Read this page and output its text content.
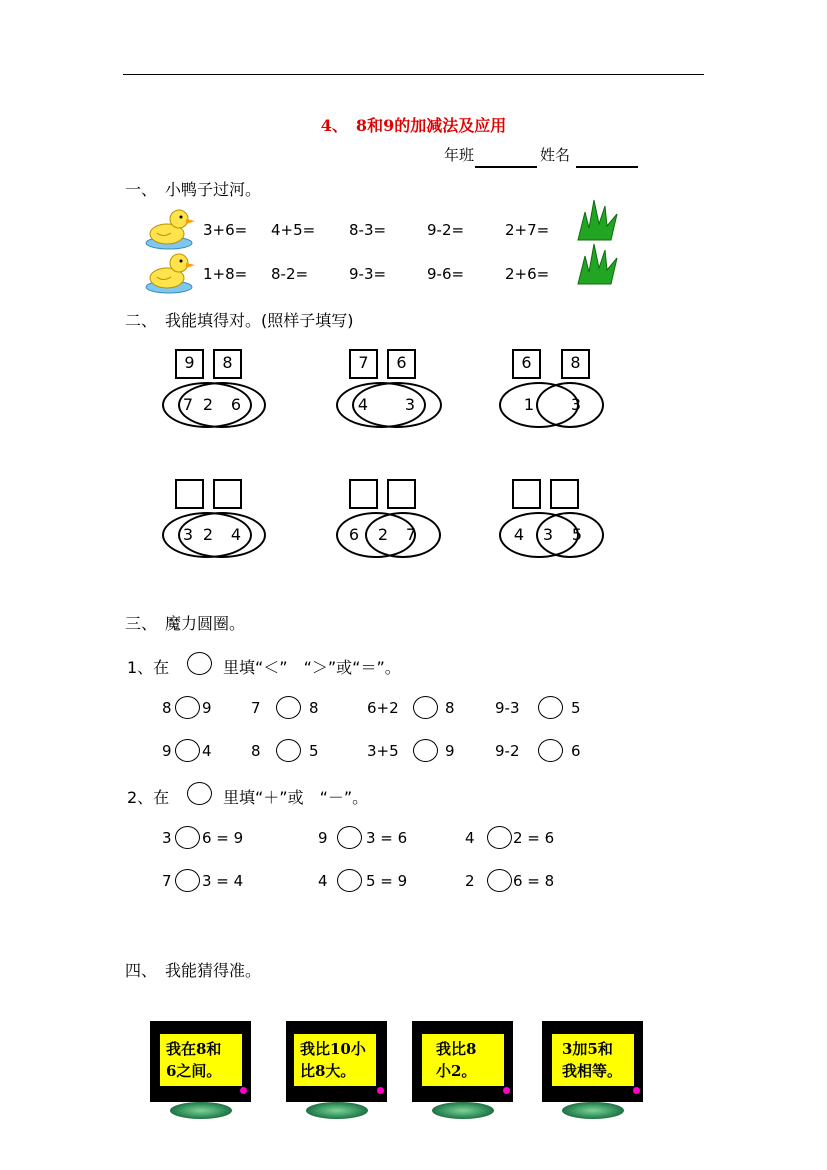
4、　8和9的加减法及应用
年班	姓名
一、　小鸭子过河。
3+6= 4+5= 8-3=	9-2=	2+7=
1+8= 8-2=	9-3=	9-6=	2+6=
二、　我能填得对。(照样子填写)
9	8
7 2	6
7	6
4	3
6	8
1	3
3 2	4	6	2	7	4	3	5
三、　魔力圆圈。
1、在	里填“＜”　“＞”或“＝”。
8 9	7	8	6+2	8	9-3	5
9 4	8	5	3+5	9	9-2	6
2、在	里填“＋”或　“－”。
3 6 = 9	9	3 = 6	4	2 = 6
7 3 = 4	4	5 = 9	2	6 = 8
四、　我能猜得准。
我在8和
6之间。
我比10小
比8大。
我比8
小2。
3加5和
我相等。
